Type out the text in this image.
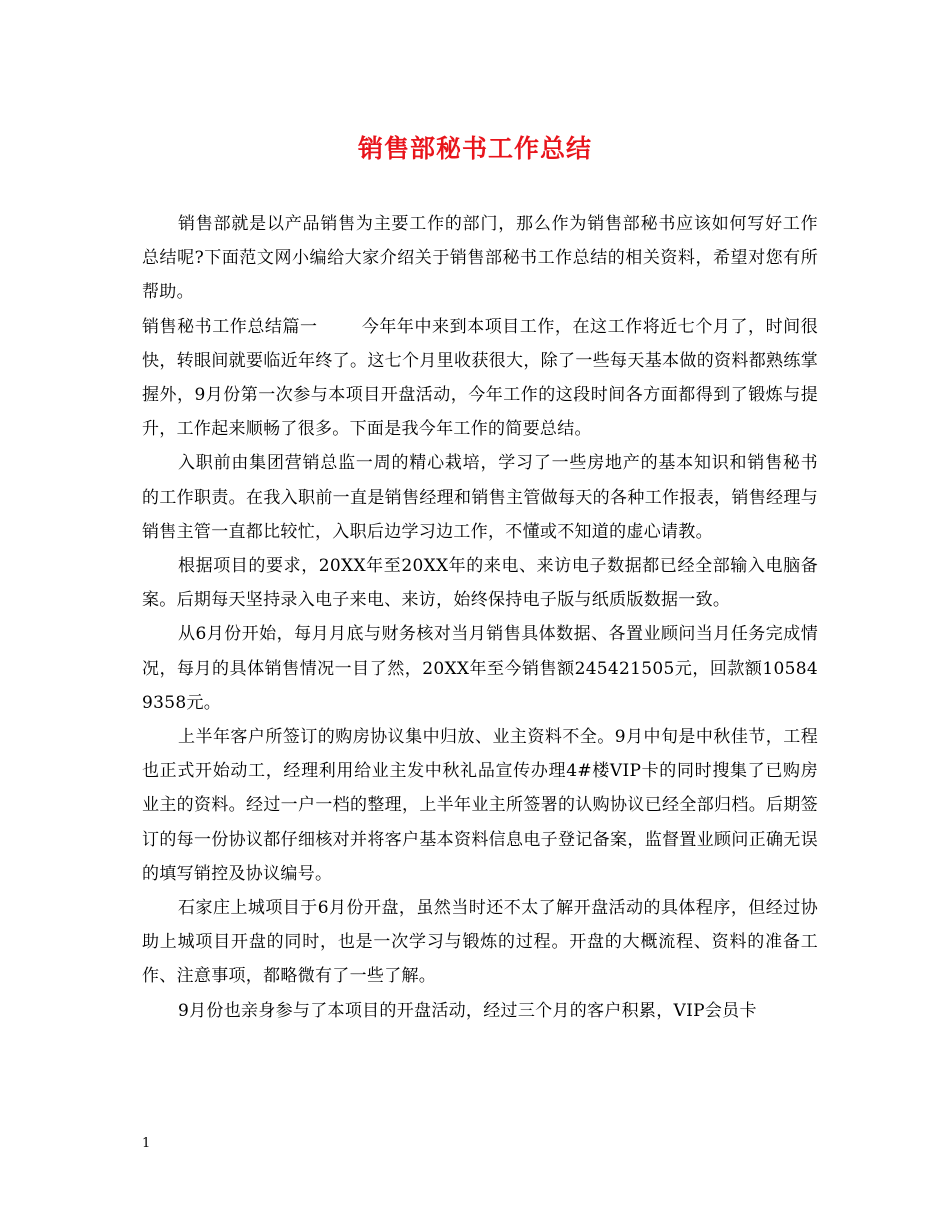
销售部秘书工作总结

销售部就是以产品销售为主要工作的部门，那么作为销售部秘书应该如何写好工作总结呢?下面范文网小编给大家介绍关于销售部秘书工作总结的相关资料，希望对您有所帮助。

销售秘书工作总结篇一	今年年中来到本项目工作，在这工作将近七个月了，时间很快，转眼间就要临近年终了。这七个月里收获很大，除了一些每天基本做的资料都熟练掌握外，9月份第一次参与本项目开盘活动，今年工作的这段时间各方面都得到了锻炼与提升，工作起来顺畅了很多。下面是我今年工作的简要总结。

入职前由集团营销总监一周的精心栽培，学习了一些房地产的基本知识和销售秘书的工作职责。在我入职前一直是销售经理和销售主管做每天的各种工作报表，销售经理与销售主管一直都比较忙，入职后边学习边工作，不懂或不知道的虚心请教。

根据项目的要求，20XX年至20XX年的来电、来访电子数据都已经全部输入电脑备案。后期每天坚持录入电子来电、来访，始终保持电子版与纸质版数据一致。

从6月份开始，每月月底与财务核对当月销售具体数据、各置业顾问当月任务完成情况，每月的具体销售情况一目了然，20XX年至今销售额245421505元，回款额105849358元。

上半年客户所签订的购房协议集中归放、业主资料不全。9月中旬是中秋佳节，工程也正式开始动工，经理利用给业主发中秋礼品宣传办理4#楼VIP卡的同时搜集了已购房业主的资料。经过一户一档的整理，上半年业主所签署的认购协议已经全部归档。后期签订的每一份协议都仔细核对并将客户基本资料信息电子登记备案，监督置业顾问正确无误的填写销控及协议编号。

石家庄上城项目于6月份开盘，虽然当时还不太了解开盘活动的具体程序，但经过协助上城项目开盘的同时，也是一次学习与锻炼的过程。开盘的大概流程、资料的准备工作、注意事项，都略微有了一些了解。

9月份也亲身参与了本项目的开盘活动，经过三个月的客户积累，VIP会员卡

1
